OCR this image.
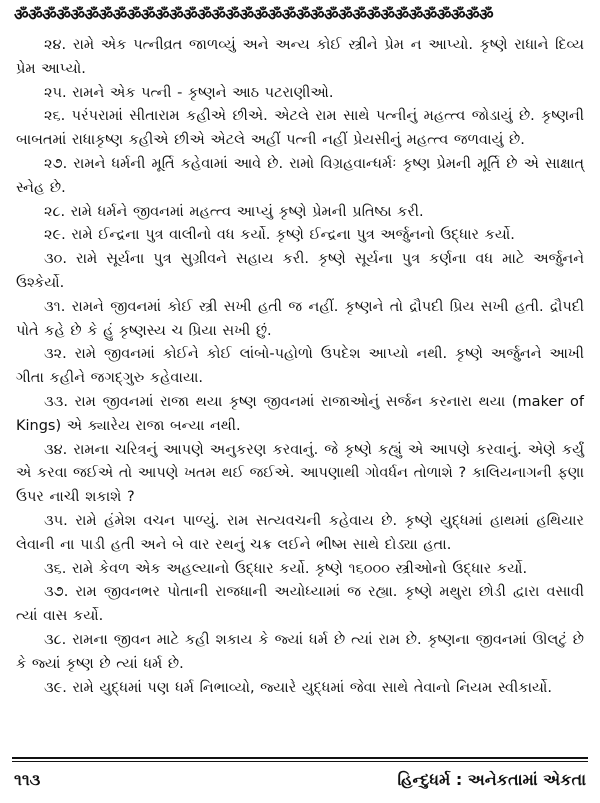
ॐॐॐॐॐॐॐॐॐॐॐॐॐॐॐॐॐॐॐॐॐॐॐॐॐॐॐॐॐॐॐॐॐॐ

૨૪. રામે એક પત્નીવ્રત જાળવ્યું અને અન્ય કોઈ સ્ત્રીને પ્રેમ ન આપ્યો. કૃષ્ણે રાધાને દિવ્ય પ્રેમ આપ્યો.

૨૫. રામને એક પત્ની - કૃષ્ણને આઠ પટરાણીઓ.

૨૬. પરંપરામાં સીતારામ કહીએ છીએ. એટલે રામ સાથે પત્નીનું મહત્ત્વ જોડાયું છે. કૃષ્ણની બાબતમાં રાધાકૃષ્ણ કહીએ છીએ એટલે અહીં પત્ની નહીં પ્રેયસીનું મહત્ત્વ જળવાયું છે.

૨૭. રામને ધર્મની મૂર્તિ કહેવામાં આવે છે. રામો વિગ્રહવાન્ધર્મઃ કૃષ્ણ પ્રેમની મૂર્તિ છે એ સાક્ષાત્ સ્નેહ છે.

૨૮. રામે ધર્મને જીવનમાં મહત્ત્વ આપ્યું કૃષ્ણે પ્રેમની પ્રતિષ્ઠા કરી.

૨૯. રામે ઈન્દ્રના પુત્ર વાલીનો વધ કર્યો. કૃષ્ણે ઈન્દ્રના પુત્ર અર્જુનનો ઉદ્ધાર કર્યો.

૩૦. રામે સૂર્યના પુત્ર સુગ્રીવને સહાય કરી. કૃષ્ણે સૂર્યના પુત્ર કર્ણના વધ માટે અર્જુનને ઉશ્કેર્યો.

૩૧. રામને જીવનમાં કોઈ સ્ત્રી સખી હતી જ નહીં. કૃષ્ણને તો દ્રૌપદી પ્રિય સખી હતી. દ્રૌપદી પોતે કહે છે કે હું કૃષ્ણસ્ય ચ પ્રિયા સખી છું.

૩૨. રામે જીવનમાં કોઈને કોઈ લાંબો-પહોળો ઉપદેશ આપ્યો નથી. કૃષ્ણે અર્જુનને આખી ગીતા કહીને જગદ્ગુરુ કહેવાયા.

૩૩. રામ જીવનમાં રાજા થયા કૃષ્ણ જીવનમાં રાજાઓનું સર્જન કરનારા થયા (maker of Kings) એ ક્યારેય રાજા બન્યા નથી.

૩૪. રામના ચરિત્રનું આપણે અનુકરણ કરવાનું. જે કૃષ્ણે કહ્યું એ આપણે કરવાનું. એણે કર્યું એ કરવા જઈએ તો આપણે ખતમ થઈ જઈએ. આપણાથી ગોવર્ધન તોળાશે ? કાલિયનાગની ફણા ઉપર નાચી શકાશે ?

૩૫. રામે હંમેશ વચન પાળ્યું. રામ સત્યવચની કહેવાય છે. કૃષ્ણે યુદ્ધમાં હાથમાં હથિયાર લેવાની ના પાડી હતી અને બે વાર રથનું ચક્ર લઈને ભીષ્મ સાથે દોડ્યા હતા.

૩૬. રામે કેવળ એક અહલ્યાનો ઉદ્ધાર કર્યો. કૃષ્ણે ૧૬૦૦૦ સ્ત્રીઓનો ઉદ્ધાર કર્યો.

૩૭. રામ જીવનભર પોતાની રાજધાની અયોધ્યામાં જ રહ્યા. કૃષ્ણે મથુરા છોડી દ્વારા વસાવી ત્યાં વાસ કર્યો.

૩૮. રામના જીવન માટે કહી શકાય કે જ્યાં ધર્મ છે ત્યાં રામ છે. કૃષ્ણના જીવનમાં ઊલટું છે કે જ્યાં કૃષ્ણ છે ત્યાં ધર્મ છે.

૩૯. રામે યુદ્ધમાં પણ ધર્મ નિભાવ્યો, જ્યારે યુદ્ધમાં જેવા સાથે તેવાનો નિયમ સ્વીકાર્યો.

૧૧૩	હિન્દુધર્મ : અનેકતામાં એકતા
